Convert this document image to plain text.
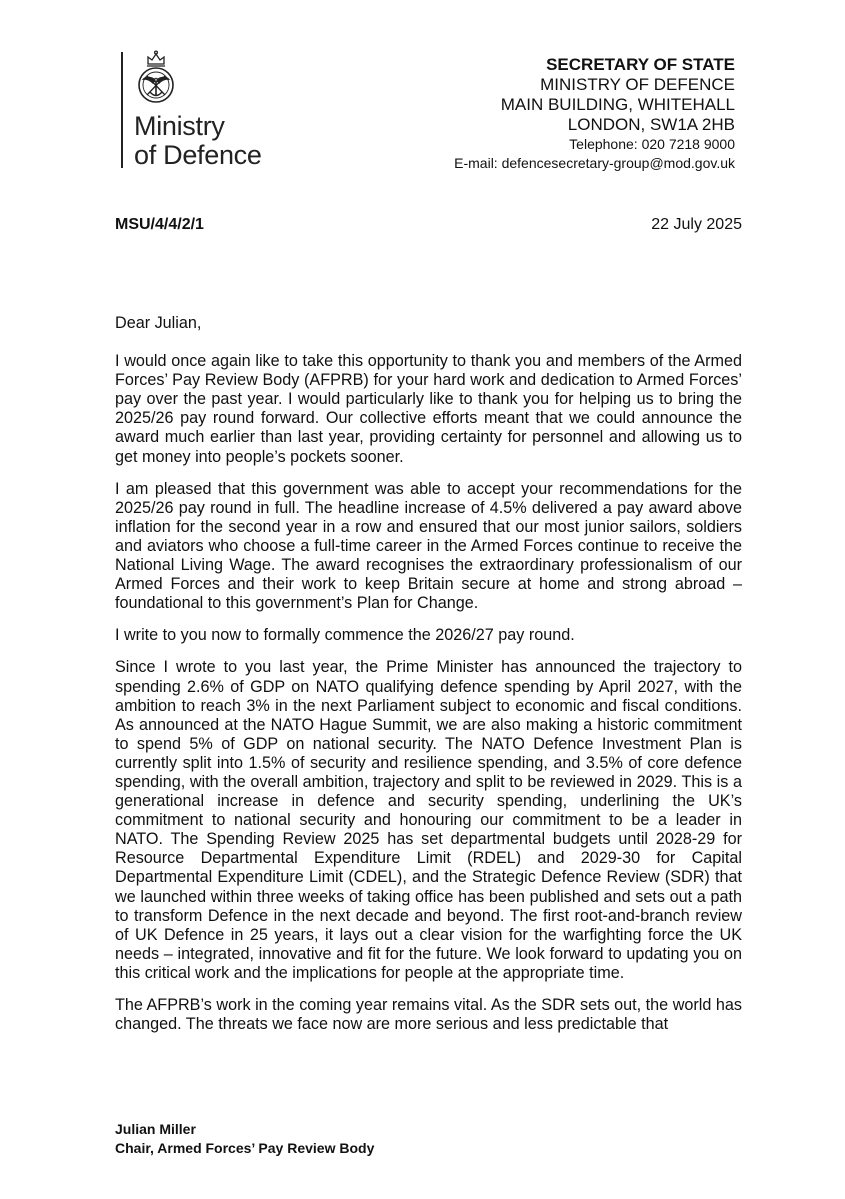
Ministry
of Defence
SECRETARY OF STATE
MINISTRY OF DEFENCE
MAIN BUILDING, WHITEHALL
LONDON, SW1A 2HB
Telephone: 020 7218 9000
E-mail: defencesecretary-group@mod.gov.uk
MSU/4/4/2/1	22 July 2025

Dear Julian,

I would once again like to take this opportunity to thank you and members of the Armed Forces’ Pay Review Body (AFPRB) for your hard work and dedication to Armed Forces’ pay over the past year. I would particularly like to thank you for helping us to bring the 2025/26 pay round forward. Our collective efforts meant that we could announce the award much earlier than last year, providing certainty for personnel and allowing us to get money into people’s pockets sooner.

I am pleased that this government was able to accept your recommendations for the 2025/26 pay round in full. The headline increase of 4.5% delivered a pay award above inflation for the second year in a row and ensured that our most junior sailors, soldiers and aviators who choose a full-time career in the Armed Forces continue to receive the National Living Wage. The award recognises the extraordinary professionalism of our Armed Forces and their work to keep Britain secure at home and strong abroad – foundational to this government’s Plan for Change.

I write to you now to formally commence the 2026/27 pay round.

Since I wrote to you last year, the Prime Minister has announced the trajectory to spending 2.6% of GDP on NATO qualifying defence spending by April 2027, with the ambition to reach 3% in the next Parliament subject to economic and fiscal conditions. As announced at the NATO Hague Summit, we are also making a historic commitment to spend 5% of GDP on national security. The NATO Defence Investment Plan is currently split into 1.5% of security and resilience spending, and 3.5% of core defence spending, with the overall ambition, trajectory and split to be reviewed in 2029. This is a generational increase in defence and security spending, underlining the UK’s commitment to national security and honouring our commitment to be a leader in NATO. The Spending Review 2025 has set departmental budgets until 2028-29 for Resource Departmental Expenditure Limit (RDEL) and 2029-30 for Capital Departmental Expenditure Limit (CDEL), and the Strategic Defence Review (SDR) that we launched within three weeks of taking office has been published and sets out a path to transform Defence in the next decade and beyond. The first root-and-branch review of UK Defence in 25 years, it lays out a clear vision for the warfighting force the UK needs – integrated, innovative and fit for the future. We look forward to updating you on this critical work and the implications for people at the appropriate time.

The AFPRB’s work in the coming year remains vital. As the SDR sets out, the world has changed. The threats we face now are more serious and less predictable that

Julian Miller
Chair, Armed Forces’ Pay Review Body
